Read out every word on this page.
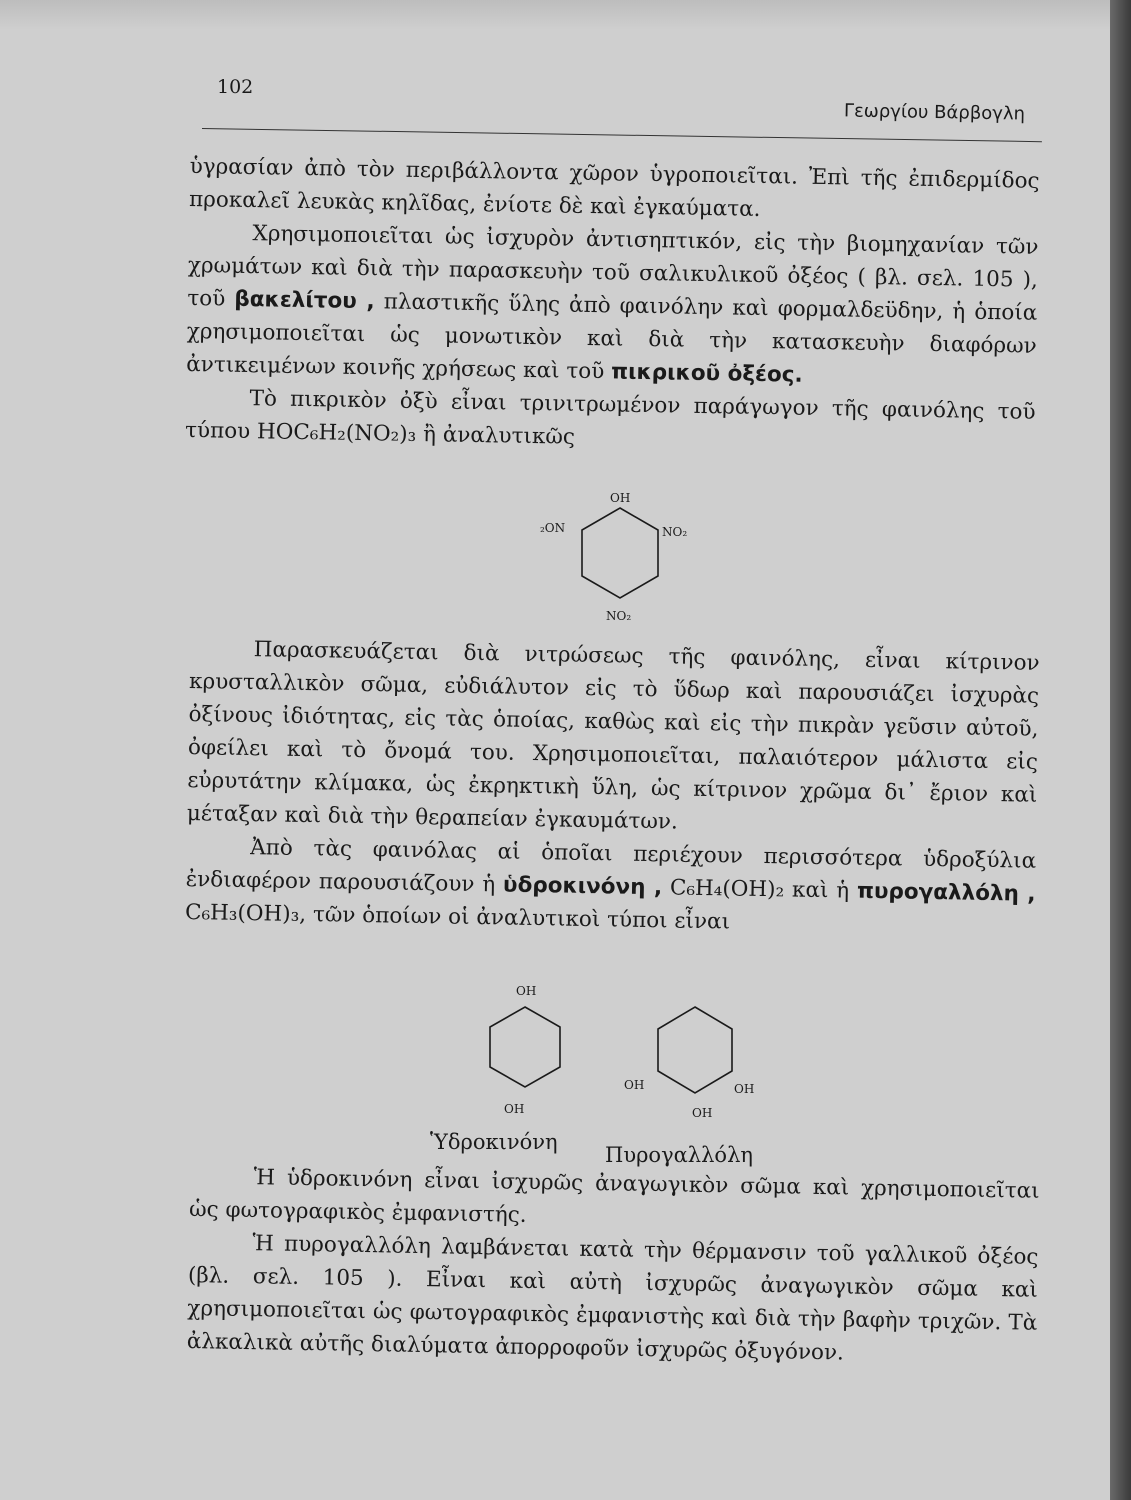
102
Γεωργίου Βάρβογλη

ὑγρασίαν ἀπὸ τὸν περιβάλλοντα χῶρον ὑγροποιεῖται. Ἐπὶ τῆς ἐπιδερμίδος προκαλεῖ λευκὰς κηλῖδας, ἐνίοτε δὲ καὶ ἐγκαύματα.

Χρησιμοποιεῖται ὡς ἰσχυρὸν ἀντισηπτικόν, εἰς τὴν βιομηχανίαν τῶν χρωμάτων καὶ διὰ τὴν παρασκευὴν τοῦ σαλικυλικοῦ ὀξέος ( βλ. σελ. 105 ), τοῦ βακελίτου , πλαστικῆς ὕλης ἀπὸ φαινόλην καὶ φορμαλδεϋδην, ἡ ὁποία χρησιμοποιεῖται ὡς μονωτικὸν καὶ διὰ τὴν κατασκευὴν διαφόρων ἀντικειμένων κοινῆς χρήσεως καὶ τοῦ πικρικοῦ ὀξέος.

Τὸ πικρικὸν ὀξὺ εἶναι τρινιτρωμένον παράγωγον τῆς φαινόλης τοῦ τύπου HOC₆H₂(NO₂)₃ ἢ ἀναλυτικῶς

OH
₂ON	NO₂
NO₂

Παρασκευάζεται διὰ νιτρώσεως τῆς φαινόλης, εἶναι κίτρινον κρυσταλλικὸν σῶμα, εὐδιάλυτον εἰς τὸ ὕδωρ καὶ παρουσιάζει ἰσχυρὰς ὀξίνους ἰδιότητας, εἰς τὰς ὁποίας, καθὼς καὶ εἰς τὴν πικρὰν γεῦσιν αὐτοῦ, ὀφείλει καὶ τὸ ὄνομά του. Χρησιμοποιεῖται, παλαιότερον μάλιστα εἰς εὐρυτάτην κλίμακα, ὡς ἐκρηκτικὴ ὕλη, ὡς κίτρινον χρῶμα δι᾽ ἔριον καὶ μέταξαν καὶ διὰ τὴν θεραπείαν ἐγκαυμάτων.

Ἀπὸ τὰς φαινόλας αἱ ὁποῖαι περιέχουν περισσότερα ὑδροξύλια ἐνδιαφέρον παρουσιάζουν ἡ ὑδροκινόνη , C₆H₄(OH)₂ καὶ ἡ πυρογαλλόλη , C₆H₃(OH)₃, τῶν ὁποίων οἱ ἀναλυτικοὶ τύποι εἶναι

OH
OH
OH	OH
OH
Ὑδροκινόνη
Πυρογαλλόλη

Ἡ ὑδροκινόνη εἶναι ἰσχυρῶς ἀναγωγικὸν σῶμα καὶ χρησιμοποιεῖται ὡς φωτογραφικὸς ἐμφανιστής.

Ἡ πυρογαλλόλη λαμβάνεται κατὰ τὴν θέρμανσιν τοῦ γαλλικοῦ ὀξέος (βλ. σελ. 105 ). Εἶναι καὶ αὐτὴ ἰσχυρῶς ἀναγωγικὸν σῶμα καὶ χρησιμοποιεῖται ὡς φωτογραφικὸς ἐμφανιστὴς καὶ διὰ τὴν βαφὴν τριχῶν. Τὰ ἀλκαλικὰ αὐτῆς διαλύματα ἀπορροφοῦν ἰσχυρῶς ὀξυγόνον.
